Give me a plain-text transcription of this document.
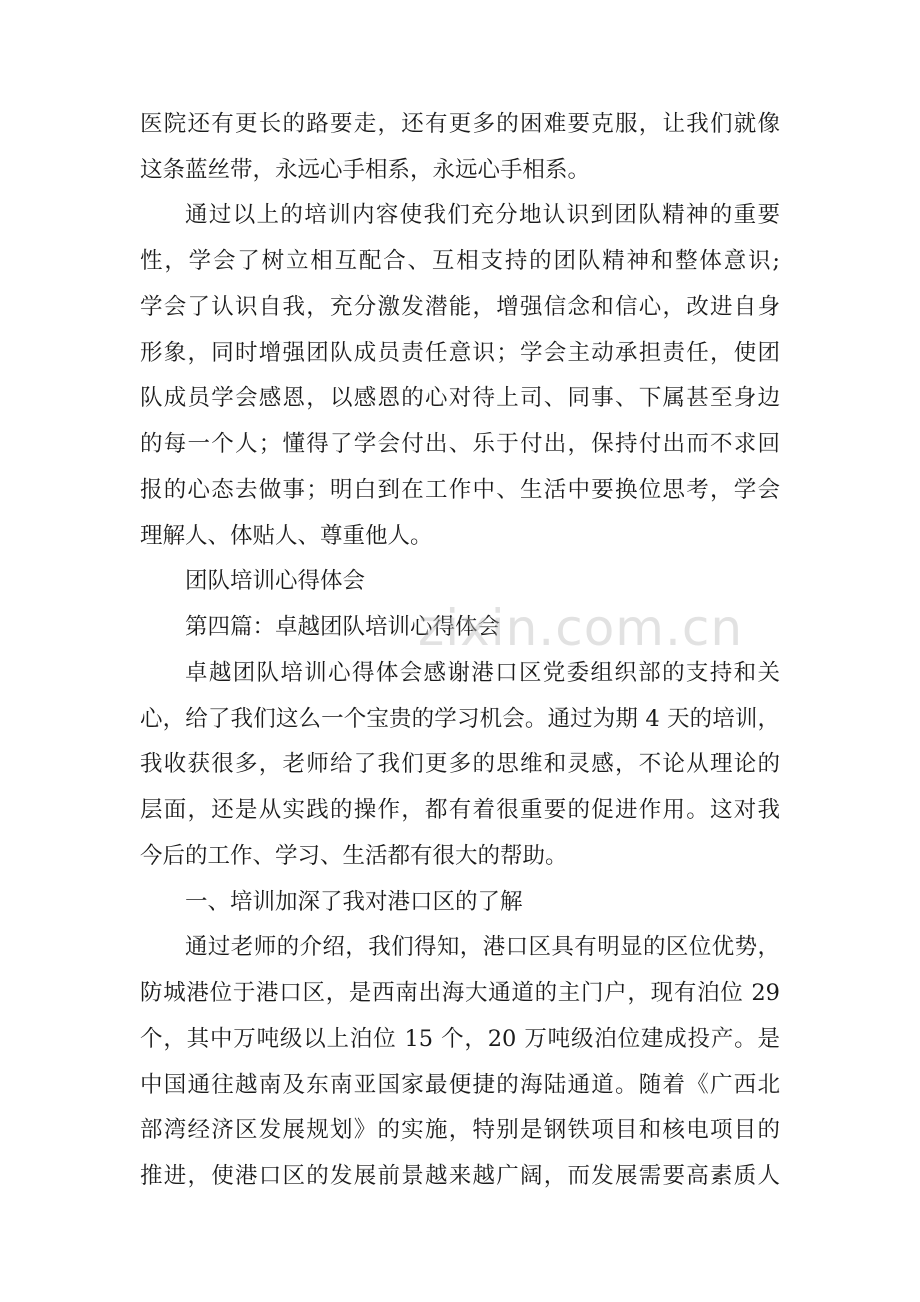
医院还有更长的路要走，还有更多的困难要克服，让我们就像
这条蓝丝带，永远心手相系，永远心手相系。
通过以上的培训内容使我们充分地认识到团队精神的重要
性，学会了树立相互配合、互相支持的团队精神和整体意识;
学会了认识自我，充分激发潜能，增强信念和信心，改进自身
形象，同时增强团队成员责任意识；学会主动承担责任，使团
队成员学会感恩，以感恩的心对待上司、同事、下属甚至身边
的每一个人；懂得了学会付出、乐于付出，保持付出而不求回
报的心态去做事；明白到在工作中、生活中要换位思考，学会
理解人、体贴人、尊重他人。
团队培训心得体会
第四篇：卓越团队培训心得体会
卓越团队培训心得体会感谢港口区党委组织部的支持和关
心，给了我们这么一个宝贵的学习机会。通过为期 4 天的培训，
我收获很多，老师给了我们更多的思维和灵感，不论从理论的
层面，还是从实践的操作，都有着很重要的促进作用。这对我
今后的工作、学习、生活都有很大的帮助。
一、培训加深了我对港口区的了解
通过老师的介绍，我们得知，港口区具有明显的区位优势，
防城港位于港口区，是西南出海大通道的主门户，现有泊位 29
个，其中万吨级以上泊位 15 个，20 万吨级泊位建成投产。是
中国通往越南及东南亚国家最便捷的海陆通道。随着《广西北
部湾经济区发展规划》的实施，特别是钢铁项目和核电项目的
推进，使港口区的发展前景越来越广阔，而发展需要高素质人
zixin.com.cn
